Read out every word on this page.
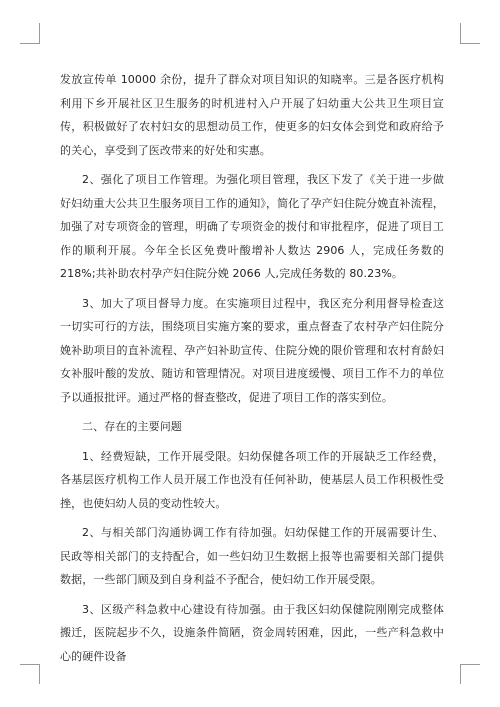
发放宣传单 10000 余份，提升了群众对项目知识的知晓率。三是各医疗机构利用下乡开展社区卫生服务的时机进村入户开展了妇幼重大公共卫生项目宣传，积极做好了农村妇女的思想动员工作，使更多的妇女体会到党和政府给予的关心，享受到了医改带来的好处和实惠。

2、强化了项目工作管理。为强化项目管理，我区下发了《关于进一步做好妇幼重大公共卫生服务项目工作的通知》，简化了孕产妇住院分娩直补流程，加强了对专项资金的管理，明确了专项资金的拨付和审批程序，促进了项目工作的顺利开展。今年全长区免费叶酸增补人数达 2906 人，完成任务数的 218%;共补助农村孕产妇住院分娩 2066 人,完成任务数的 80.23%。

3、加大了项目督导力度。在实施项目过程中，我区充分利用督导检查这一切实可行的方法，围绕项目实施方案的要求，重点督查了农村孕产妇住院分娩补助项目的直补流程、孕产妇补助宣传、住院分娩的限价管理和农村育龄妇女补服叶酸的发放、随访和管理情况。对项目进度缓慢、项目工作不力的单位予以通报批评。通过严格的督查整改，促进了项目工作的落实到位。

二、存在的主要问题

1、经费短缺，工作开展受限。妇幼保健各项工作的开展缺乏工作经费，各基层医疗机构工作人员开展工作也没有任何补助，使基层人员工作积极性受挫，也使妇幼人员的变动性较大。

2、与相关部门沟通协调工作有待加强。妇幼保健工作的开展需要计生、民政等相关部门的支持配合，如一些妇幼卫生数据上报等也需要相关部门提供数据，一些部门顾及到自身利益不予配合，使妇幼工作开展受限。

3、区级产科急救中心建设有待加强。由于我区妇幼保健院刚刚完成整体搬迁，医院起步不久，设施条件简陋，资金周转困难，因此，一些产科急救中心的硬件设备
